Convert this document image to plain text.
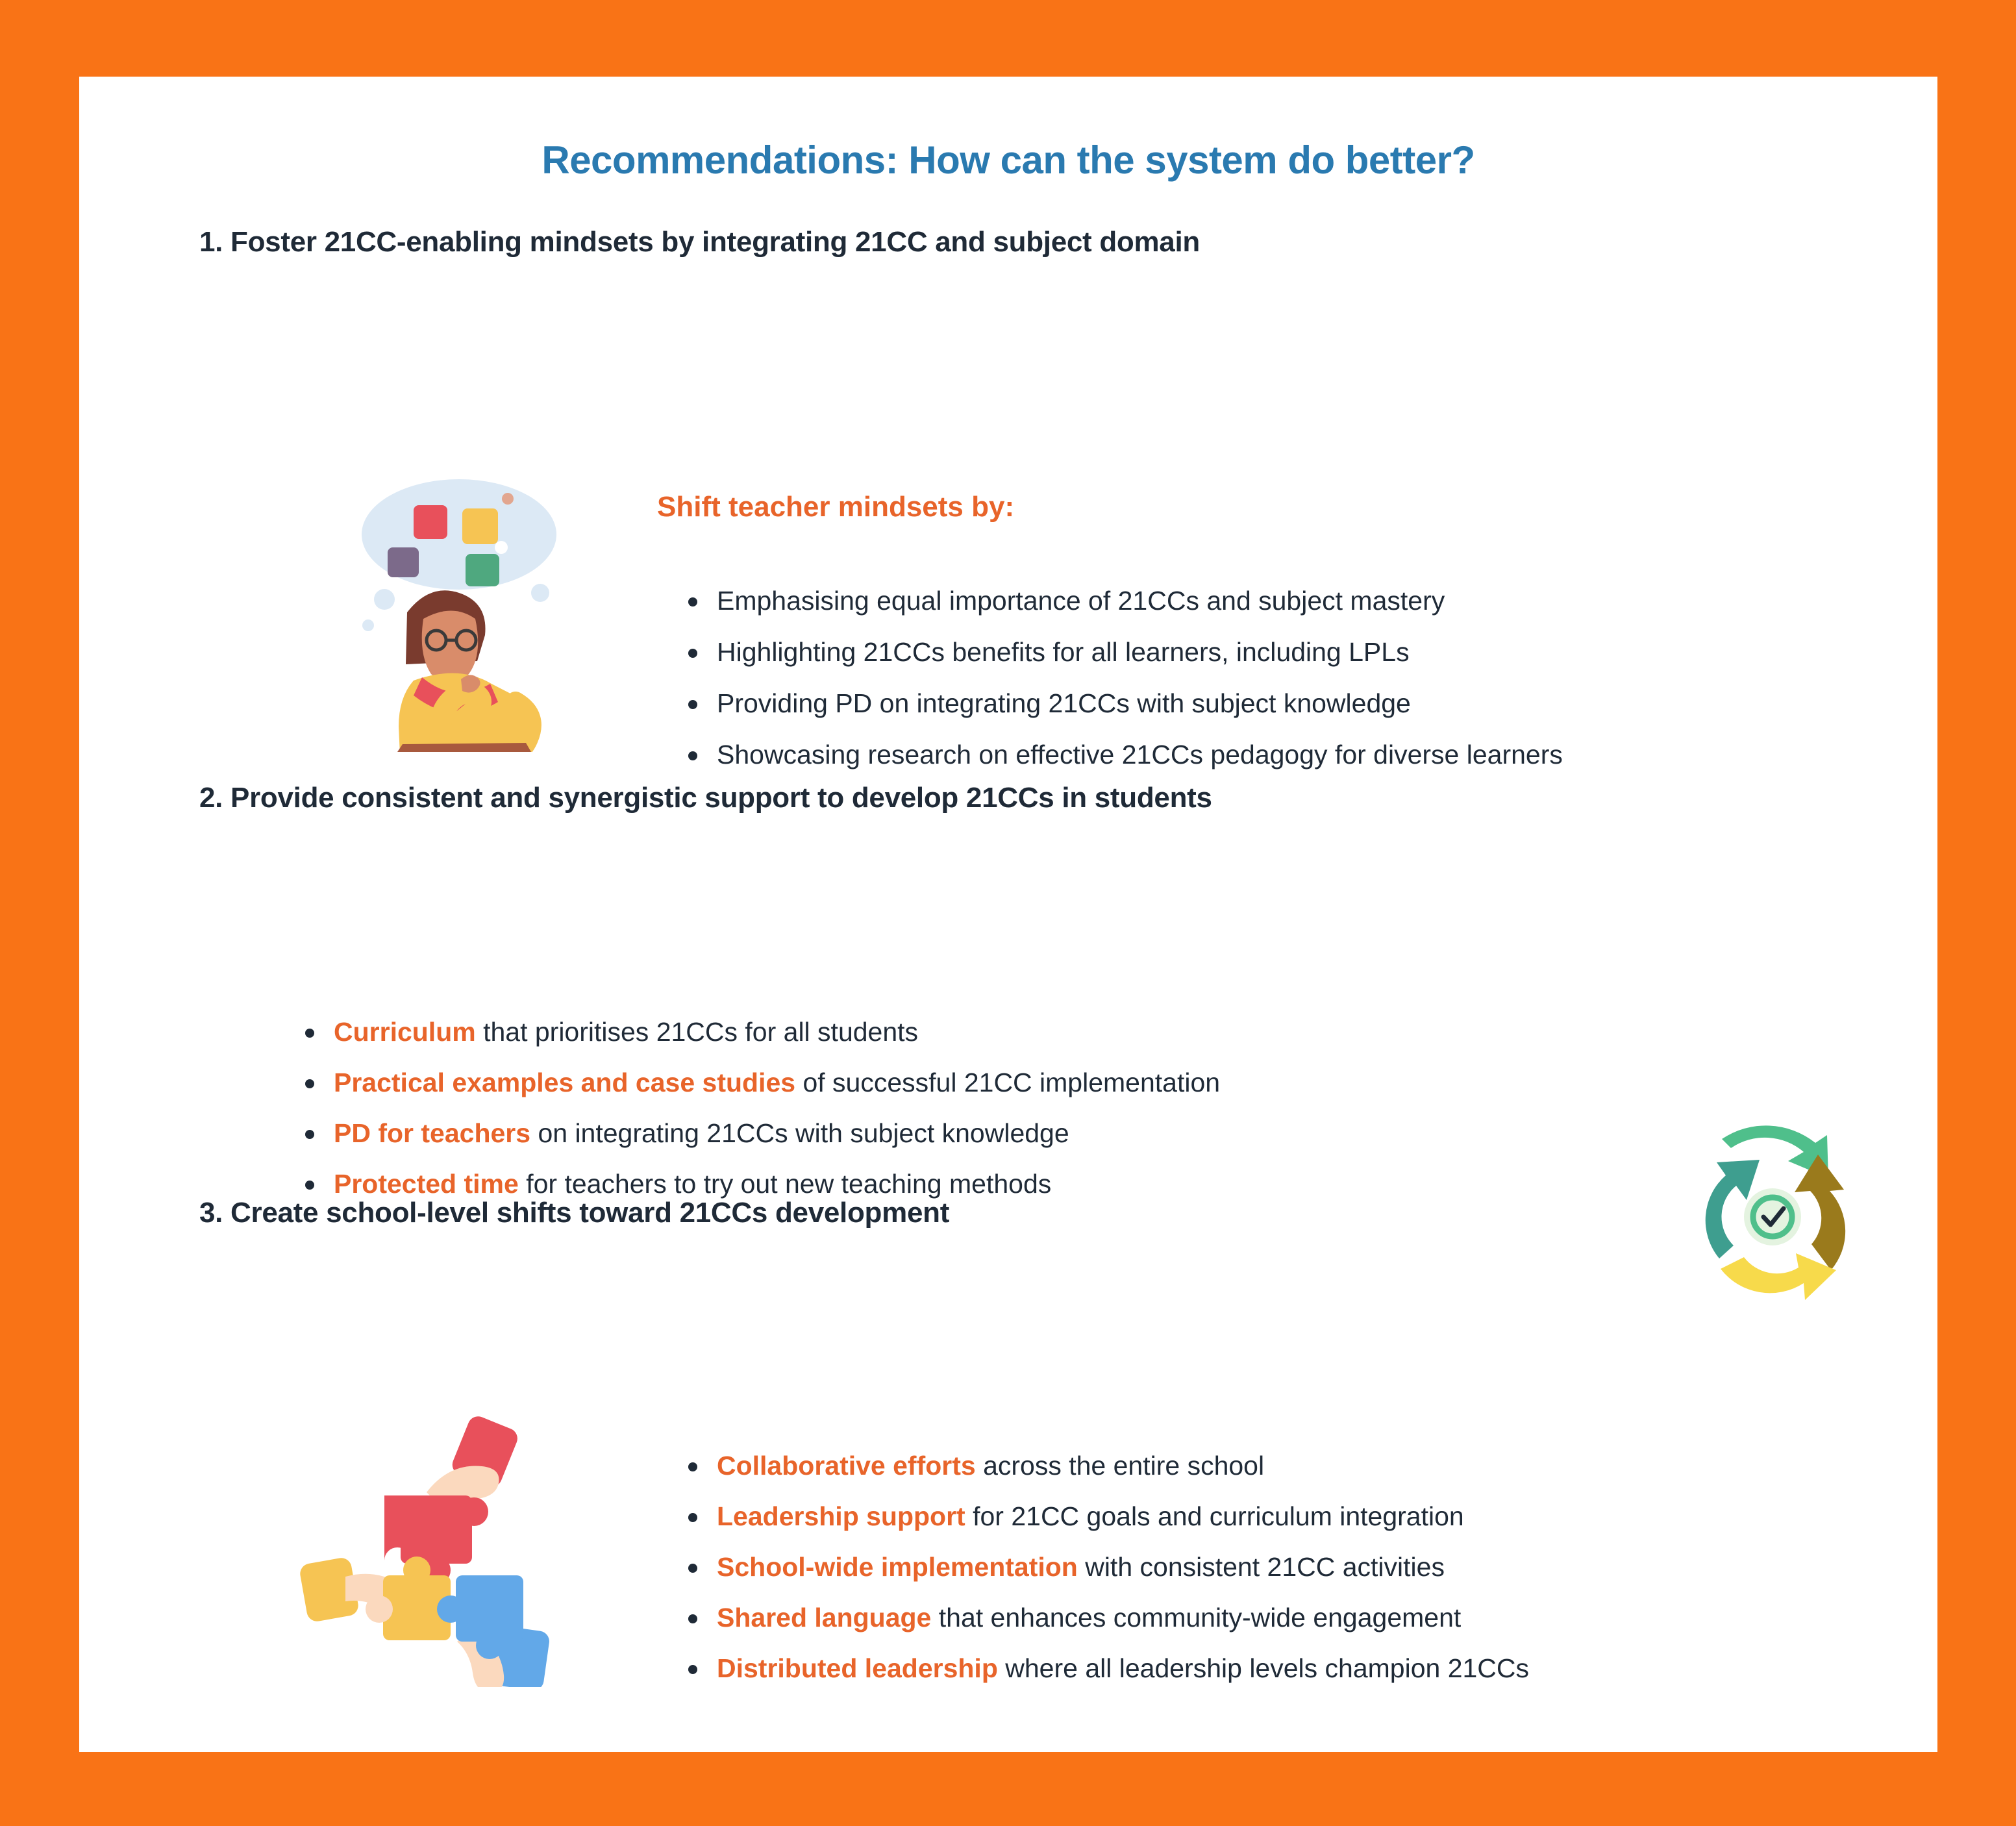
Recommendations: How can the system do better?
1. Foster 21CC-enabling mindsets by integrating 21CC and subject domain
Shift teacher mindsets by:
Emphasising equal importance of 21CCs and subject mastery
Highlighting 21CCs benefits for all learners, including LPLs
Providing PD on integrating 21CCs with subject knowledge
Showcasing research on effective 21CCs pedagogy for diverse learners
2. Provide consistent and synergistic support to develop 21CCs in students
Curriculum that prioritises 21CCs for all students
Practical examples and case studies of successful 21CC implementation
PD for teachers on integrating 21CCs with subject knowledge
Protected time for teachers to try out new teaching methods
3. Create school-level shifts toward 21CCs development
Collaborative efforts across the entire school
Leadership support for 21CC goals and curriculum integration
School-wide implementation with consistent 21CC activities
Shared language that enhances community-wide engagement
Distributed leadership where all leadership levels champion 21CCs
